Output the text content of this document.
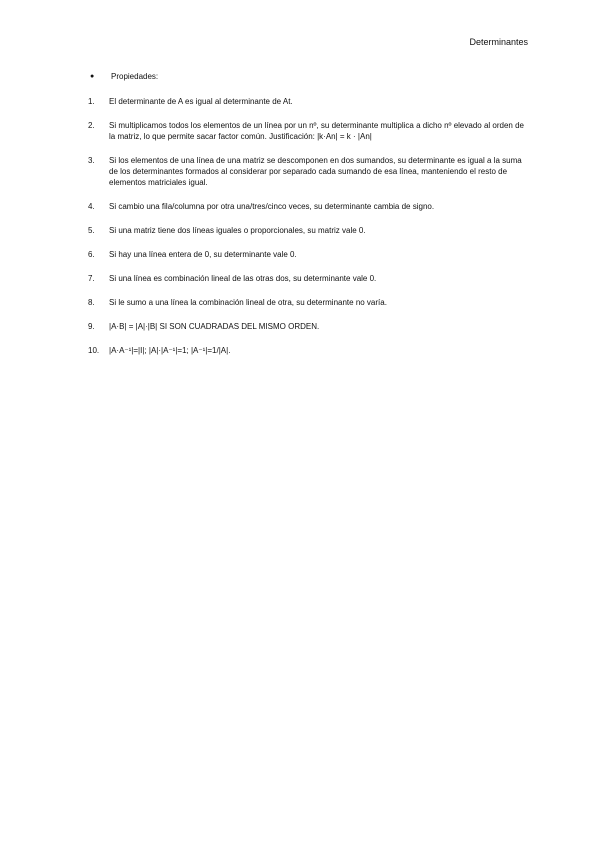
Determinantes
●	Propiedades:
1.	El determinante de A es igual al determinante de At.
2.	Si multiplicamos todos los elementos de un línea por un nº, su determinante multiplica a dicho nº elevado al orden de la matriz, lo que permite sacar factor común. Justificación: |k·An| = k · |An|
3.	Si los elementos de una línea de una matriz se descomponen en dos sumandos, su determinante es igual a la suma de los determinantes formados al considerar por separado cada sumando de esa línea, manteniendo el resto de elementos matriciales igual.
4.	Si cambio una fila/columna por otra una/tres/cinco veces, su determinante cambia de signo.
5.	Si una matriz tiene dos líneas iguales o proporcionales, su matriz vale 0.
6.	Si hay una línea entera de 0, su determinante vale 0.
7.	Si una línea es combinación lineal de las otras dos, su determinante vale 0.
8.	Si le sumo a una línea la combinación lineal de otra, su determinante no varía.
9.	|A·B| = |A|·|B| SI SON CUADRADAS DEL MISMO ORDEN.
10.	|A·A⁻¹|=|I|; |A|·|A⁻¹|=1; |A⁻¹|=1/|A|.
